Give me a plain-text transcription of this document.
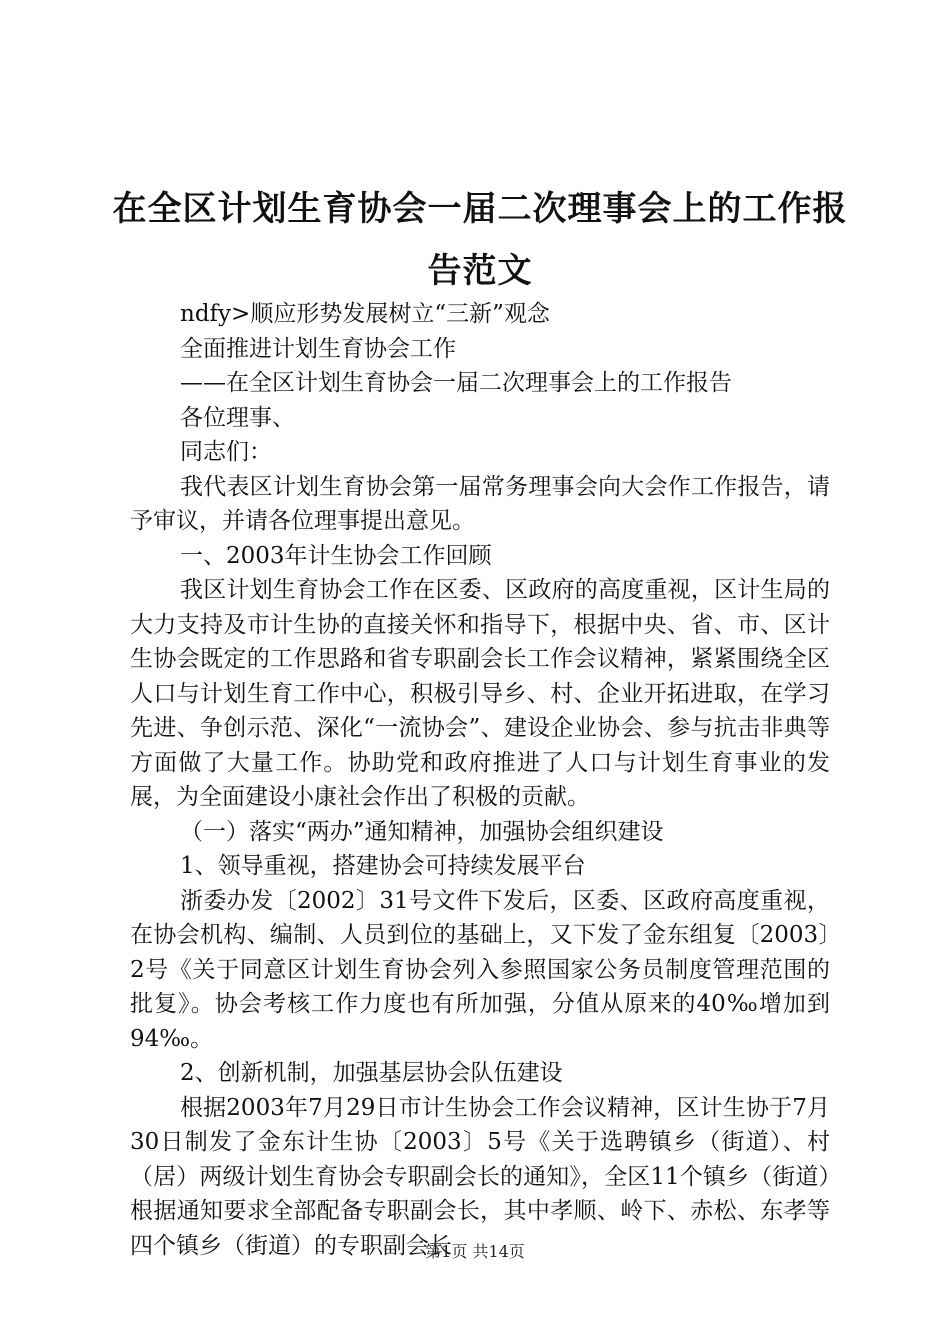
在全区计划生育协会一届二次理事会上的工作报告范文

ndfy>顺应形势发展树立“三新”观念

全面推进计划生育协会工作

——在全区计划生育协会一届二次理事会上的工作报告

各位理事、

同志们：

我代表区计划生育协会第一届常务理事会向大会作工作报告，请予审议，并请各位理事提出意见。

一、2003年计生协会工作回顾

我区计划生育协会工作在区委、区政府的高度重视，区计生局的大力支持及市计生协的直接关怀和指导下，根据中央、省、市、区计生协会既定的工作思路和省专职副会长工作会议精神，紧紧围绕全区人口与计划生育工作中心，积极引导乡、村、企业开拓进取，在学习先进、争创示范、深化“一流协会”、建设企业协会、参与抗击非典等方面做了大量工作。协助党和政府推进了人口与计划生育事业的发展，为全面建设小康社会作出了积极的贡献。

（一）落实“两办”通知精神，加强协会组织建设

1、领导重视，搭建协会可持续发展平台

浙委办发〔2002〕31号文件下发后，区委、区政府高度重视，在协会机构、编制、人员到位的基础上，又下发了金东组复〔2003〕2号《关于同意区计划生育协会列入参照国家公务员制度管理范围的批复》。协会考核工作力度也有所加强，分值从原来的40‰增加到94‰。

2、创新机制，加强基层协会队伍建设

根据2003年7月29日市计生协会工作会议精神，区计生协于7月30日制发了金东计生协〔2003〕5号《关于选聘镇乡（街道）、村（居）两级计划生育协会专职副会长的通知》，全区11个镇乡（街道）根据通知要求全部配备专职副会长，其中孝顺、岭下、赤松、东孝等四个镇乡（街道）的专职副会长

第1页 共14页
